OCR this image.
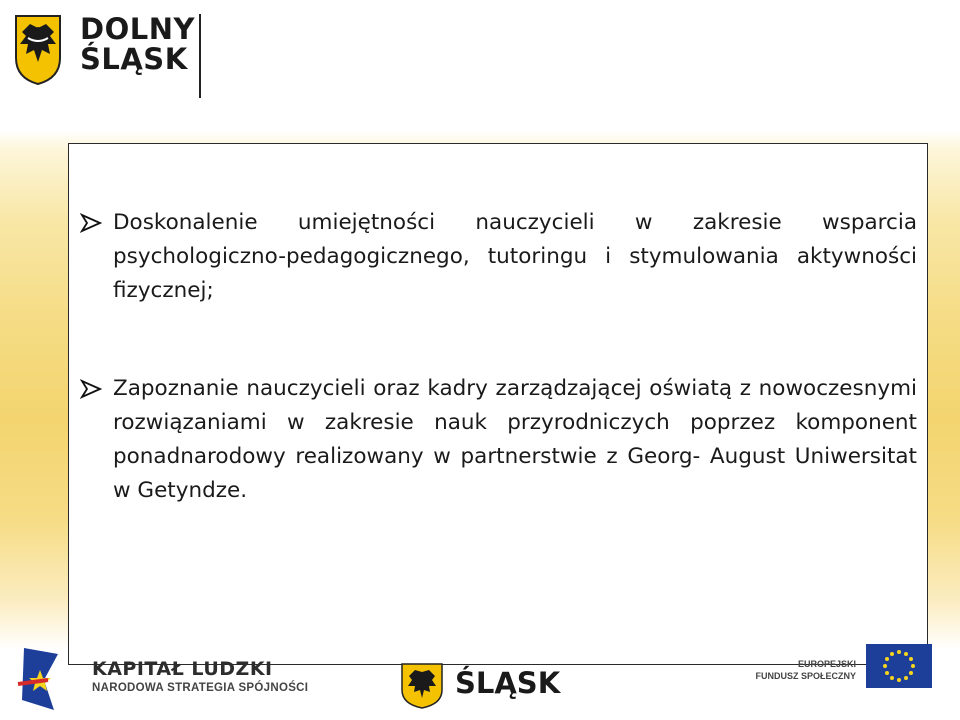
DOLNY
ŚLĄSK
Doskonalenie umiejętności nauczycieli w zakresie wsparcia psychologiczno-pedagogicznego, tutoringu i stymulowania aktywności fizycznej;
Zapoznanie nauczycieli oraz kadry zarządzającej oświatą z nowoczesnymi rozwiązaniami w zakresie nauk przyrodniczych poprzez komponent ponadnarodowy realizowany w partnerstwie z Georg- August Uniwersitat w Getyndze.
KAPITAŁ LUDZKI
NARODOWA STRATEGIA SPÓJNOŚCI	ŚLĄSK
EUROPEJSKI
FUNDUSZ SPOŁECZNY
